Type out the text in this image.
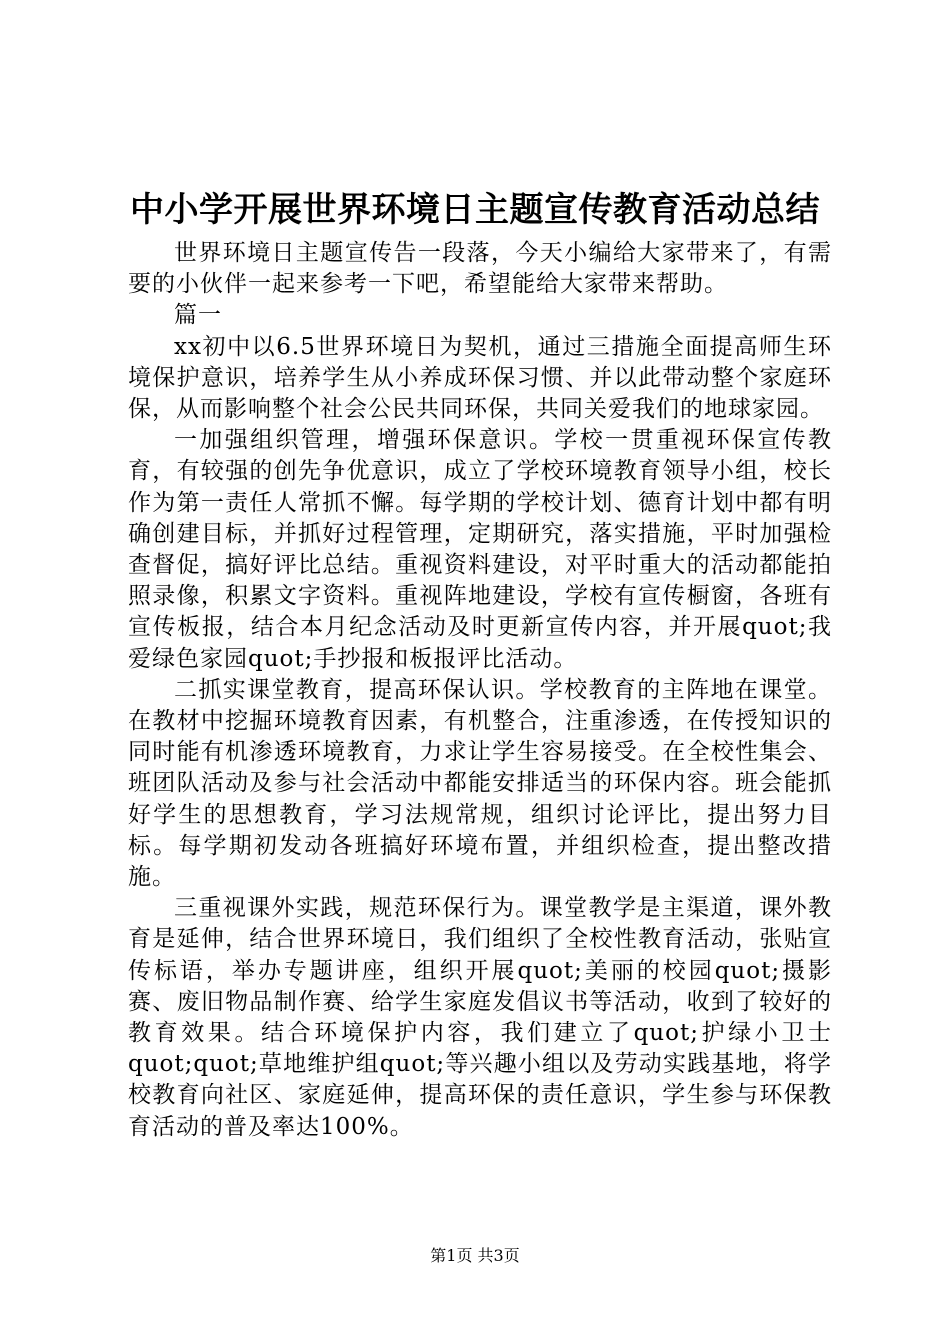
中小学开展世界环境日主题宣传教育活动总结

世界环境日主题宣传告一段落，今天小编给大家带来了，有需要的小伙伴一起来参考一下吧，希望能给大家带来帮助。

篇一

xx初中以6.5世界环境日为契机，通过三措施全面提高师生环境保护意识，培养学生从小养成环保习惯、并以此带动整个家庭环保，从而影响整个社会公民共同环保，共同关爱我们的地球家园。

一加强组织管理，增强环保意识。学校一贯重视环保宣传教育，有较强的创先争优意识，成立了学校环境教育领导小组，校长作为第一责任人常抓不懈。每学期的学校计划、德育计划中都有明确创建目标，并抓好过程管理，定期研究，落实措施，平时加强检查督促，搞好评比总结。重视资料建设，对平时重大的活动都能拍照录像，积累文字资料。重视阵地建设，学校有宣传橱窗，各班有宣传板报，结合本月纪念活动及时更新宣传内容，并开展quot;我爱绿色家园quot;手抄报和板报评比活动。

二抓实课堂教育，提高环保认识。学校教育的主阵地在课堂。在教材中挖掘环境教育因素，有机整合，注重渗透，在传授知识的同时能有机渗透环境教育，力求让学生容易接受。在全校性集会、班团队活动及参与社会活动中都能安排适当的环保内容。班会能抓好学生的思想教育，学习法规常规，组织讨论评比，提出努力目标。每学期初发动各班搞好环境布置，并组织检查，提出整改措施。

三重视课外实践，规范环保行为。课堂教学是主渠道，课外教育是延伸，结合世界环境日，我们组织了全校性教育活动，张贴宣传标语，举办专题讲座，组织开展quot;美丽的校园quot;摄影赛、废旧物品制作赛、给学生家庭发倡议书等活动，收到了较好的教育效果。结合环境保护内容，我们建立了quot;护绿小卫士quot;quot;草地维护组quot;等兴趣小组以及劳动实践基地，将学校教育向社区、家庭延伸，提高环保的责任意识，学生参与环保教育活动的普及率达100%。

第1页 共3页
